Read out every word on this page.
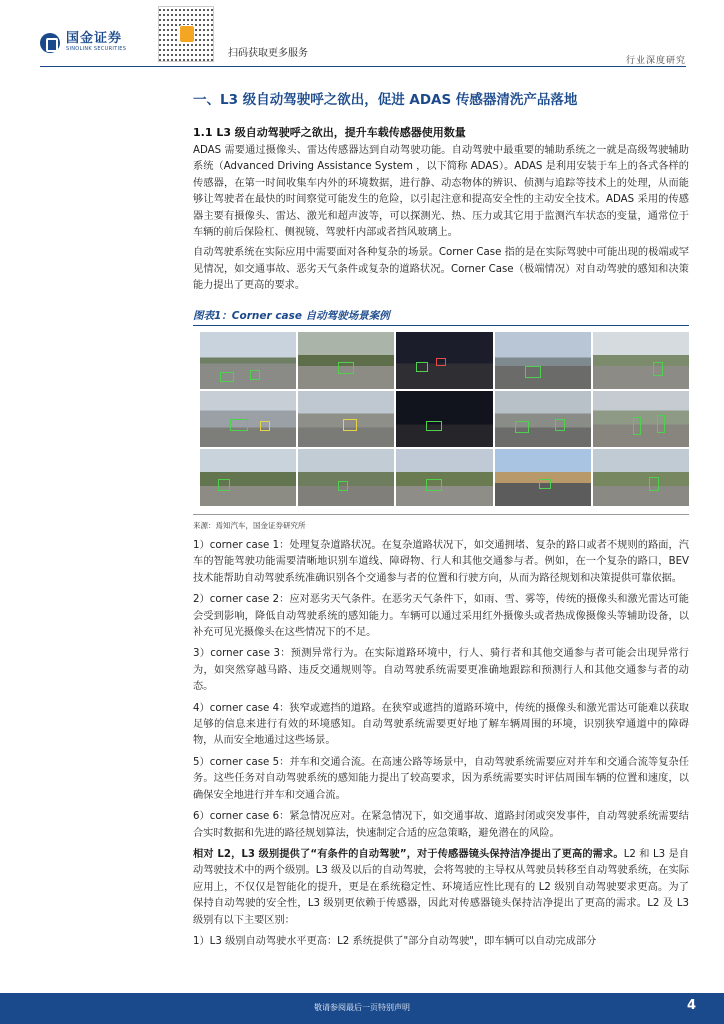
国金证券
SINOLINK SECURITIES	扫码获取更多服务
行业深度研究
一、L3 级自动驾驶呼之欲出，促进 ADAS 传感器清洗产品落地
1.1 L3 级自动驾驶呼之欲出，提升车载传感器使用数量

ADAS 需要通过摄像头、雷达传感器达到自动驾驶功能。自动驾驶中最重要的辅助系统之一就是高级驾驶辅助系统（Advanced Driving Assistance System ，以下简称 ADAS）。ADAS 是利用安装于车上的各式各样的传感器，在第一时间收集车内外的环境数据，进行静、动态物体的辨识、侦测与追踪等技术上的处理，从而能够让驾驶者在最快的时间察觉可能发生的危险，以引起注意和提高安全性的主动安全技术。ADAS 采用的传感器主要有摄像头、雷达、激光和超声波等，可以探测光、热、压力或其它用于监测汽车状态的变量，通常位于车辆的前后保险杠、侧视镜、驾驶杆内部或者挡风玻璃上。

自动驾驶系统在实际应用中需要面对各种复杂的场景。Corner Case 指的是在实际驾驶中可能出现的极端或罕见情况，如交通事故、恶劣天气条件或复杂的道路状况。Corner Case（极端情况）对自动驾驶的感知和决策能力提出了更高的要求。

图表1：Corner case 自动驾驶场景案例
来源：焉知汽车，国金证券研究所

1）corner case 1：处理复杂道路状况。在复杂道路状况下，如交通拥堵、复杂的路口或者不规则的路面，汽车的智能驾驶功能需要清晰地识别车道线、障碍物、行人和其他交通参与者。例如，在一个复杂的路口，BEV 技术能帮助自动驾驶系统准确识别各个交通参与者的位置和行驶方向，从而为路径规划和决策提供可靠依据。

2）corner case 2：应对恶劣天气条件。在恶劣天气条件下，如雨、雪、雾等，传统的摄像头和激光雷达可能会受到影响，降低自动驾驶系统的感知能力。车辆可以通过采用红外摄像头或者热成像摄像头等辅助设备，以补充可见光摄像头在这些情况下的不足。

3）corner case 3：预测异常行为。在实际道路环境中，行人、骑行者和其他交通参与者可能会出现异常行为，如突然穿越马路、违反交通规则等。自动驾驶系统需要更准确地跟踪和预测行人和其他交通参与者的动态。

4）corner case 4：狭窄或遮挡的道路。在狭窄或遮挡的道路环境中，传统的摄像头和激光雷达可能难以获取足够的信息来进行有效的环境感知。自动驾驶系统需要更好地了解车辆周围的环境，识别狭窄通道中的障碍物，从而安全地通过这些场景。

5）corner case 5：并车和交通合流。在高速公路等场景中，自动驾驶系统需要应对并车和交通合流等复杂任务。这些任务对自动驾驶系统的感知能力提出了较高要求，因为系统需要实时评估周围车辆的位置和速度，以确保安全地进行并车和交通合流。

6）corner case 6：紧急情况应对。在紧急情况下，如交通事故、道路封闭或突发事件，自动驾驶系统需要结合实时数据和先进的路径规划算法，快速制定合适的应急策略，避免潜在的风险。

相对 L2，L3 级别提供了“有条件的自动驾驶”，对于传感器镜头保持洁净提出了更高的需求。L2 和 L3 是自动驾驶技术中的两个级别。L3 级及以后的自动驾驶，会将驾驶的主导权从驾驶员转移至自动驾驶系统，在实际应用上，不仅仅是智能化的提升，更是在系统稳定性、环境适应性比现有的 L2 级别自动驾驶要求更高。为了保持自动驾驶的安全性，L3 级别更依赖于传感器，因此对传感器镜头保持洁净提出了更高的需求。L2 及 L3 级别有以下主要区别：

1）L3 级别自动驾驶水平更高：L2 系统提供了"部分自动驾驶"，即车辆可以自动完成部分

敬请参阅最后一页特别声明	4
